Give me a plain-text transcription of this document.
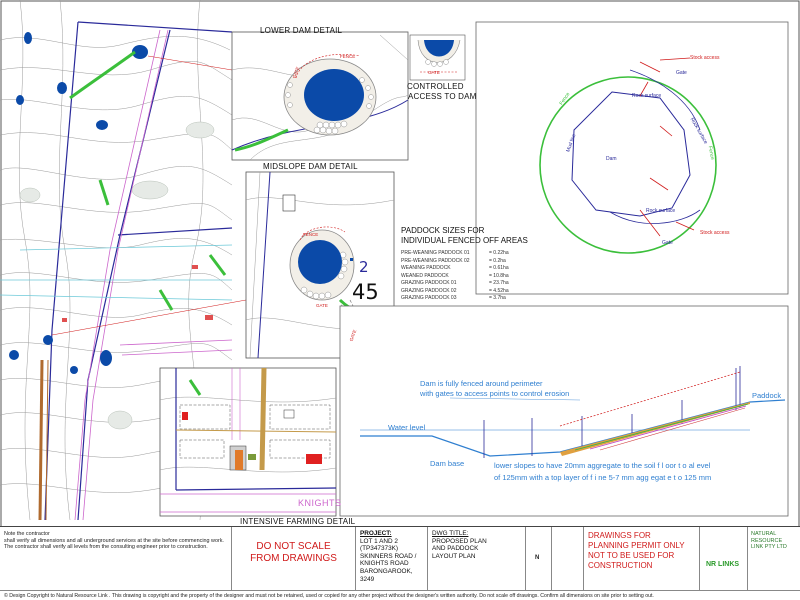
LOWER DAM DETAIL
CONTROLLED
ACCESS TO DAM
MIDSLOPE DAM DETAIL
INTENSIVE FARMING DETAIL
FENCE
GATE	GATE
FENCE
GATE
GATE
KNIGHTS
PADDOCK SIZES FOR
INDIVIDUAL FENCED OFF AREAS
PRE-WEANING PADDOCK 01	= 0.22ha
PRE-WEANING PADDOCK 02	= 0.2ha
WEANING PADDOCK	= 0.61ha
WEANED PADDOCK	= 10.8ha
GRAZING PADDOCK 01	= 23.7ha
GRAZING PADDOCK 02	= 4.52ha
GRAZING PADDOCK 03	= 3.7ha
2
45
Stock access
Gate
Rock surface
Dam
Rock surface
Stock access
Gate
Fence
Fence
Mud line	Rock surface
Dam is fully fenced around perimeter
with gates to access points to control erosion
Water level
Dam base
Paddock
lower slopes to have 20mm aggregate to the soil f l oor t o al evel
of 125mm with a top layer of f i ne 5-7 mm agg egat e t o 125 mm
Note the contractor
shall verify all dimensions and all underground services at the site before commencing work. The contractor shall verify all levels from the consulting engineer prior to construction.	DO NOT SCALE
FROM DRAWINGS
PROJECT:
LOT 1 AND 2 (TP347373K)
SKINNERS ROAD /
KNIGHTS ROAD
BARONGAROOK, 3249
DWG TITLE:
PROPOSED PLAN
AND PADDOCK
LAYOUT PLAN	N
DRAWINGS FOR
PLANNING PERMIT ONLY
NOT TO BE USED FOR
CONSTRUCTION	NR LINKS
NATURAL
RESOURCE
LINK PTY LTD
© Design Copyright to Natural Resource Link . This drawing is copyright and the property of the designer and must not be retained, used or copied for any other project without the designer's written authority. Do not scale off drawings. Confirm all dimensions on site prior to setting out.
